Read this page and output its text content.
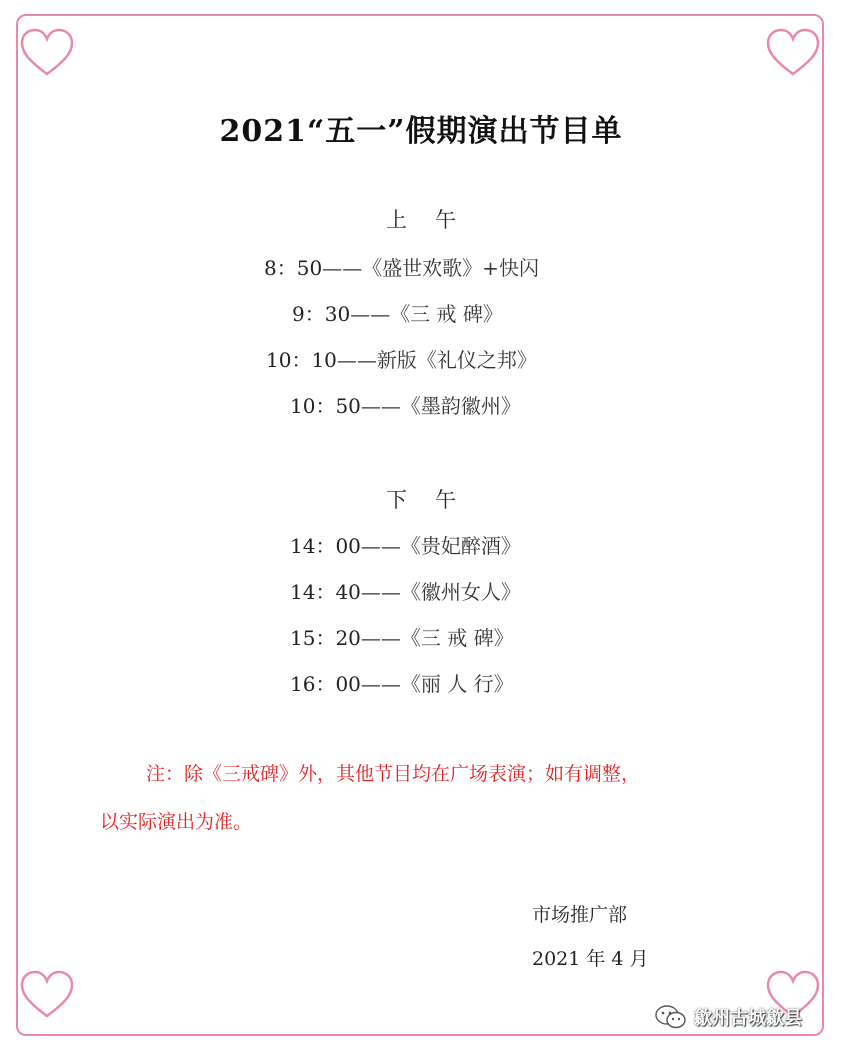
2021“五一”假期演出节目单
上 午
8：50——《盛世欢歌》+快闪
9：30——《三 戒 碑》
10：10——新版《礼仪之邦》
10：50——《墨韵徽州》
下 午
14：00——《贵妃醉酒》
14：40——《徽州女人》
15：20——《三 戒 碑》
16：00——《丽 人 行》
注：除《三戒碑》外，其他节目均在广场表演；如有调整，
以实际演出为准。
市场推广部
2021 年 4 月
歙州古城歙县
